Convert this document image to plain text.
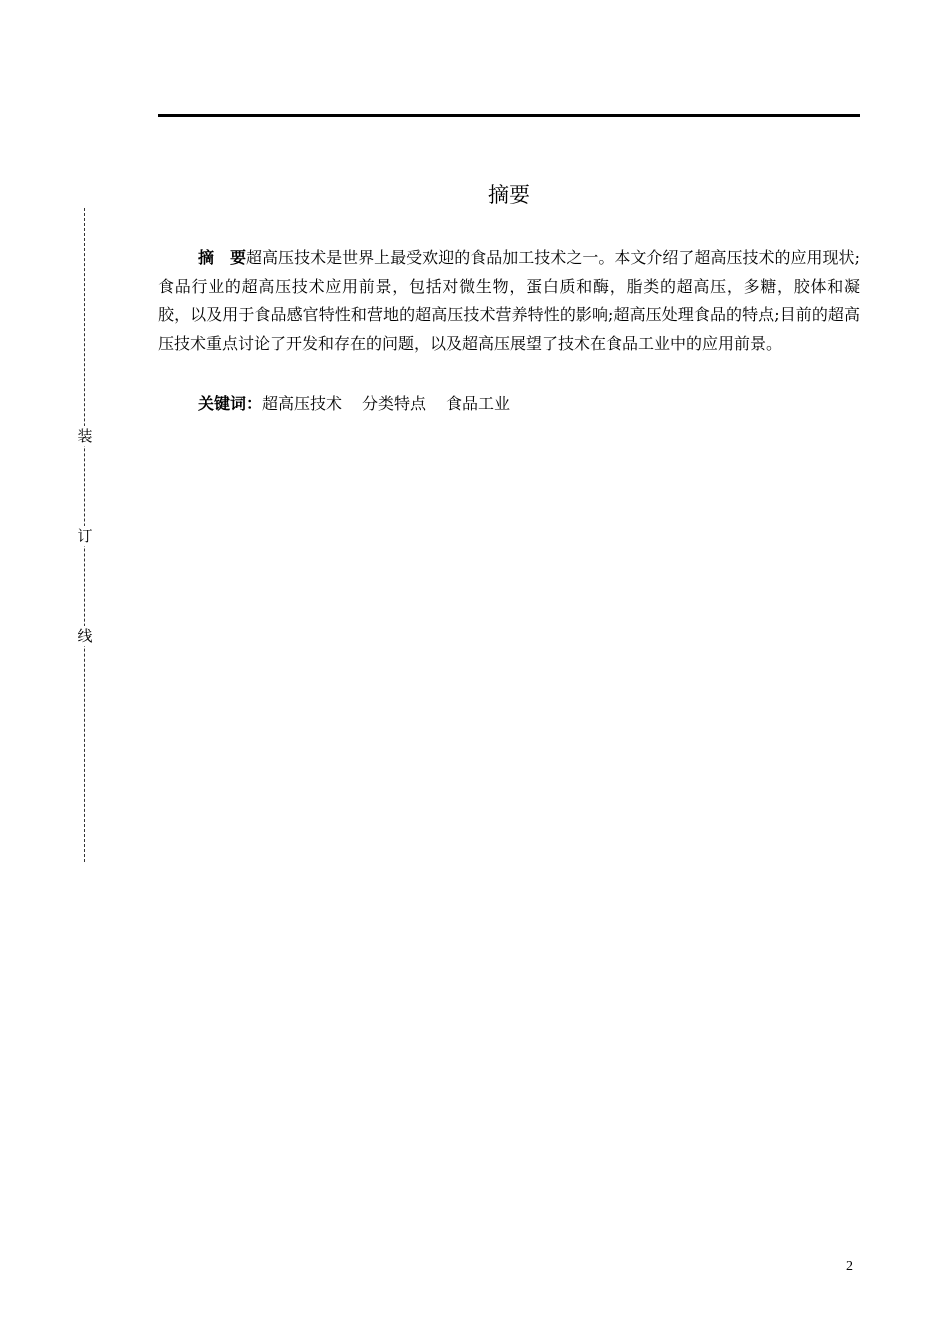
装
订
线
摘要

摘要超高压技术是世界上最受欢迎的食品加工技术之一。本文介绍了超高压技术的应用现状;食品行业的超高压技术应用前景，包括对微生物，蛋白质和酶，脂类的超高压，多糖，胶体和凝胶，以及用于食品感官特性和营地的超高压技术营养特性的影响;超高压处理食品的特点;目前的超高压技术重点讨论了开发和存在的问题，以及超高压展望了技术在食品工业中的应用前景。

关键词：超高压技术 分类特点 食品工业
2
